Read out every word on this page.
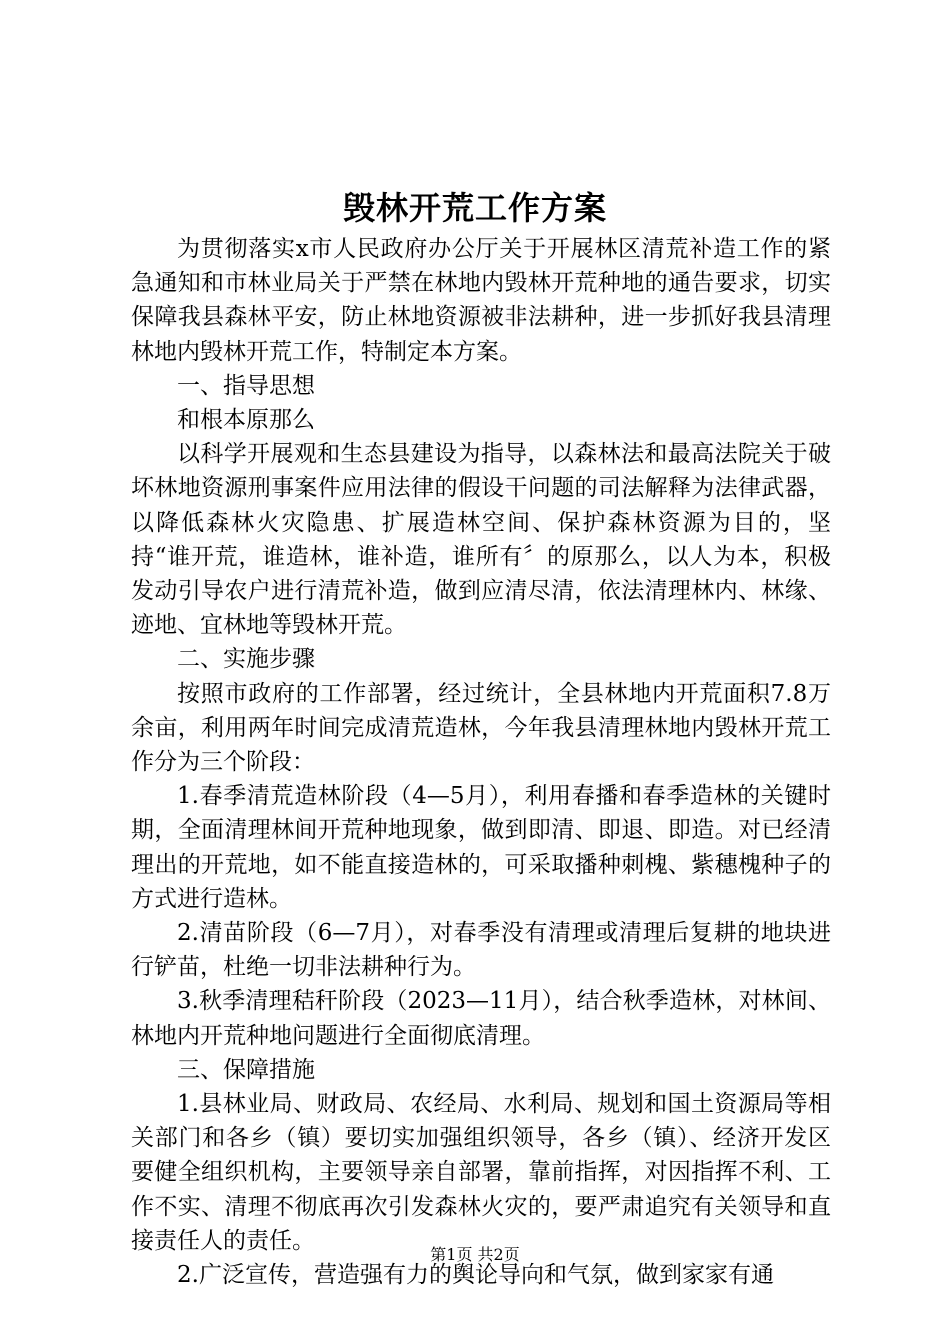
毁林开荒工作方案

为贯彻落实x市人民政府办公厅关于开展林区清荒补造工作的紧急通知和市林业局关于严禁在林地内毁林开荒种地的通告要求，切实保障我县森林平安，防止林地资源被非法耕种，进一步抓好我县清理林地内毁林开荒工作，特制定本方案。

一、指导思想

和根本原那么

以科学开展观和生态县建设为指导，以森林法和最高法院关于破坏林地资源刑事案件应用法律的假设干问题的司法解释为法律武器，以降低森林火灾隐患、扩展造林空间、保护森林资源为目的，坚持“谁开荒，谁造林，谁补造，谁所有〞的原那么，以人为本，积极发动引导农户进行清荒补造，做到应清尽清，依法清理林内、林缘、迹地、宜林地等毁林开荒。

二、实施步骤

按照市政府的工作部署，经过统计，全县林地内开荒面积7.8万余亩，利用两年时间完成清荒造林，今年我县清理林地内毁林开荒工作分为三个阶段：

1.春季清荒造林阶段（4—5月），利用春播和春季造林的关键时期，全面清理林间开荒种地现象，做到即清、即退、即造。对已经清理出的开荒地，如不能直接造林的，可采取播种刺槐、紫穗槐种子的方式进行造林。

2.清苗阶段（6—7月），对春季没有清理或清理后复耕的地块进行铲苗，杜绝一切非法耕种行为。

3.秋季清理秸秆阶段（2023—11月），结合秋季造林，对林间、林地内开荒种地问题进行全面彻底清理。

三、保障措施

1.县林业局、财政局、农经局、水利局、规划和国土资源局等相关部门和各乡（镇）要切实加强组织领导，各乡（镇）、经济开发区要健全组织机构，主要领导亲自部署，靠前指挥，对因指挥不利、工作不实、清理不彻底再次引发森林火灾的，要严肃追究有关领导和直接责任人的责任。

2.广泛宣传，营造强有力的舆论导向和气氛，做到家家有通

第1页 共2页
